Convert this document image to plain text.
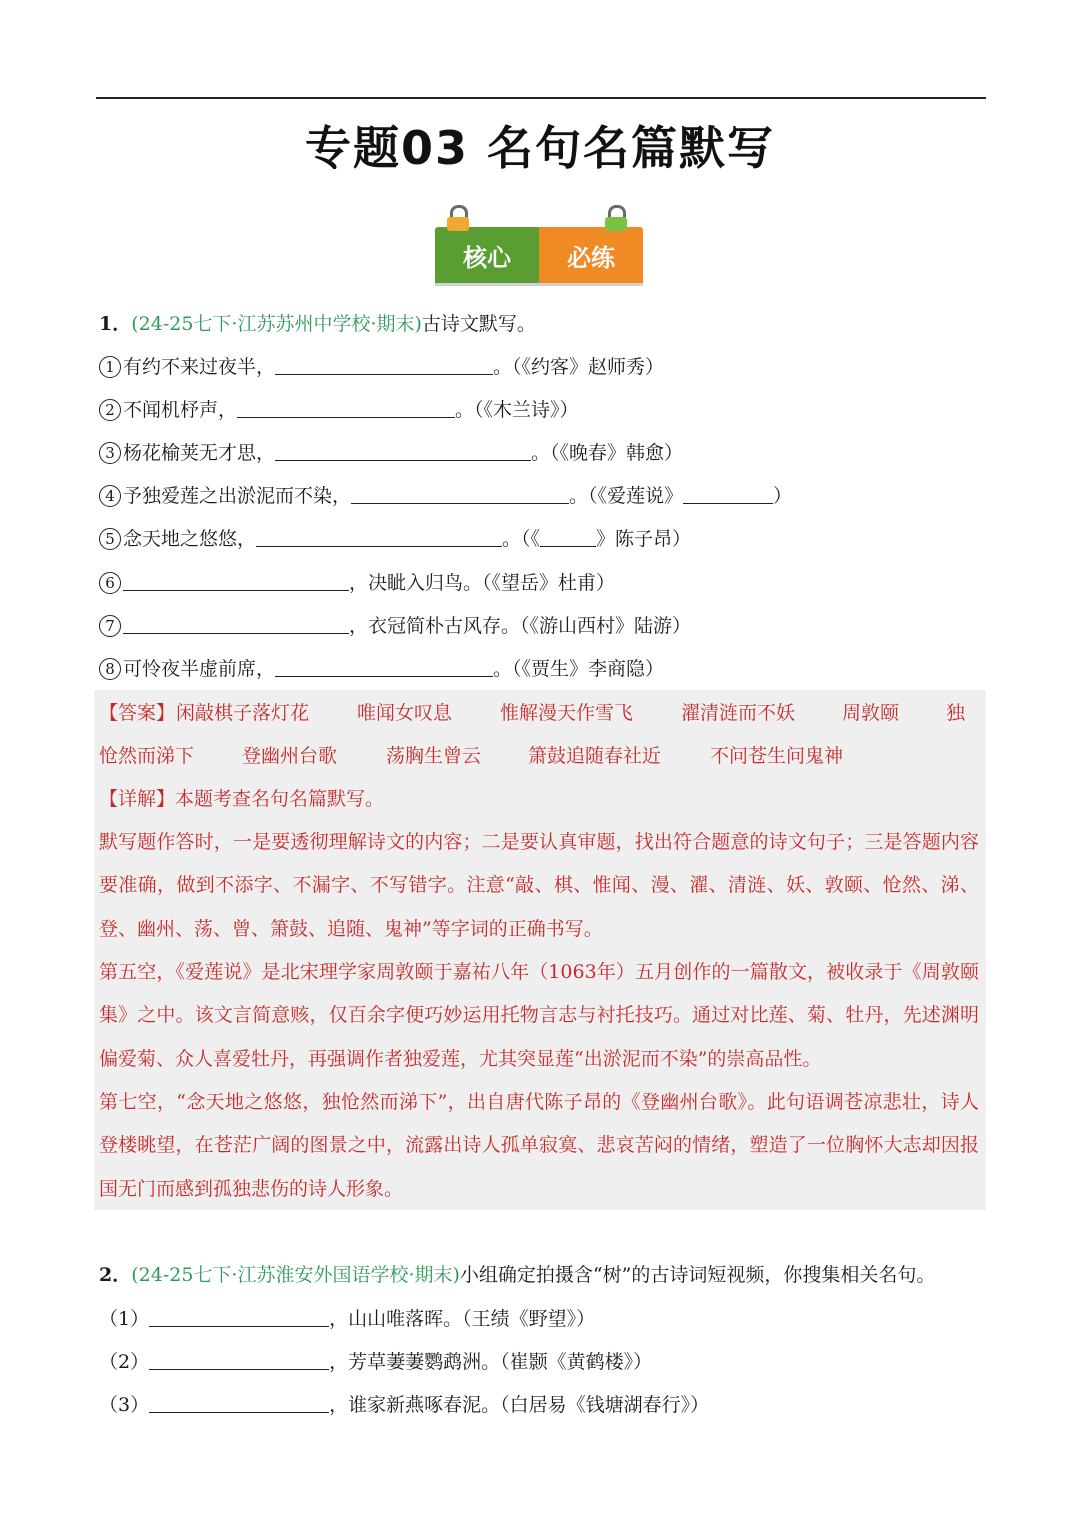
专题03 名句名篇默写
核心	必练
1．(24-25七下·江苏苏州中学校·期末)古诗文默写。
1 有约不来过夜半，	。（《约客》赵师秀）
2 不闻机杼声，	。（《木兰诗》）
3 杨花榆荚无才思，	。（《晚春》韩愈）
4 予独爱莲之出淤泥而不染，	。（《爱莲说》	）
5 念天地之悠悠，	。（《	》陈子昂）
6	，决眦入归鸟。（《望岳》杜甫）
7	，衣冠简朴古风存。（《游山西村》陆游）
8 可怜夜半虚前席，	。（《贾生》李商隐）
【答案】 闲敲棋子落灯花	唯闻女叹息	惟解漫天作雪飞	濯清涟而不妖 周敦颐 独
怆然而涕下	登幽州台歌	荡胸生曾云 箫鼓追随春社近	不问苍生问鬼神
【详解】本题考查名句名篇默写。
默写题作答时，一是要透彻理解诗文的内容；二是要认真审题，找出符合题意的诗文句子；三是答题内容要准确，做到不添字、不漏字、不写错字。注意“敲、棋、惟闻、漫、濯、清涟、妖、敦颐、怆然、涕、登、幽州、荡、曾、箫鼓、追随、鬼神”等字词的正确书写。
第五空，《爱莲说》是北宋理学家周敦颐于嘉祐八年（1063年）五月创作的一篇散文，被收录于《周敦颐集》之中。该文言简意赅，仅百余字便巧妙运用托物言志与衬托技巧。通过对比莲、菊、牡丹，先述渊明偏爱菊、众人喜爱牡丹，再强调作者独爱莲，尤其突显莲“出淤泥而不染”的崇高品性。
第七空，“念天地之悠悠，独怆然而涕下”，出自唐代陈子昂的《登幽州台歌》。此句语调苍凉悲壮，诗人登楼眺望，在苍茫广阔的图景之中，流露出诗人孤单寂寞、悲哀苦闷的情绪，塑造了一位胸怀大志却因报国无门而感到孤独悲伤的诗人形象。
2．(24-25七下·江苏淮安外国语学校·期末)小组确定拍摄含“树”的古诗词短视频，你搜集相关名句。
（1）	，山山唯落晖。（王绩《野望》）
（2）	，芳草萋萋鹦鹉洲。（崔颢《黄鹤楼》）
（3）	，谁家新燕啄春泥。（白居易《钱塘湖春行》）
